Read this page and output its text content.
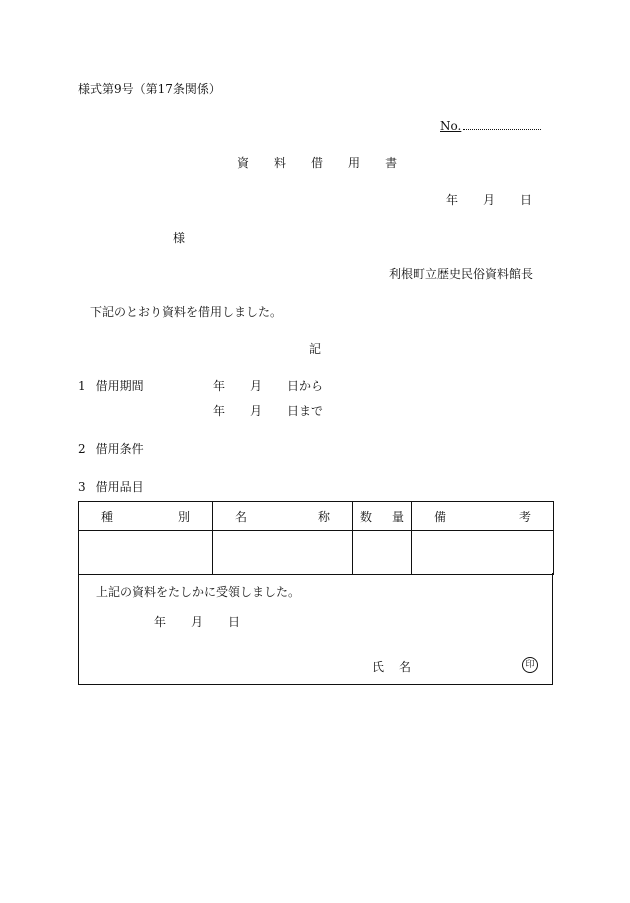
様式第9号（第17条関係）
No.
資 料 借 用 書
年 月 日
様
利根町立歴史民俗資料館長
下記のとおり資料を借用しました。
記
1 借用期間	年 月 日から
年 月 日まで
2 借用条件
3 借用品目
種 別	名 称	数 量	備 考

上記の資料をたしかに受領しました。
年 月 日
氏 名	印
